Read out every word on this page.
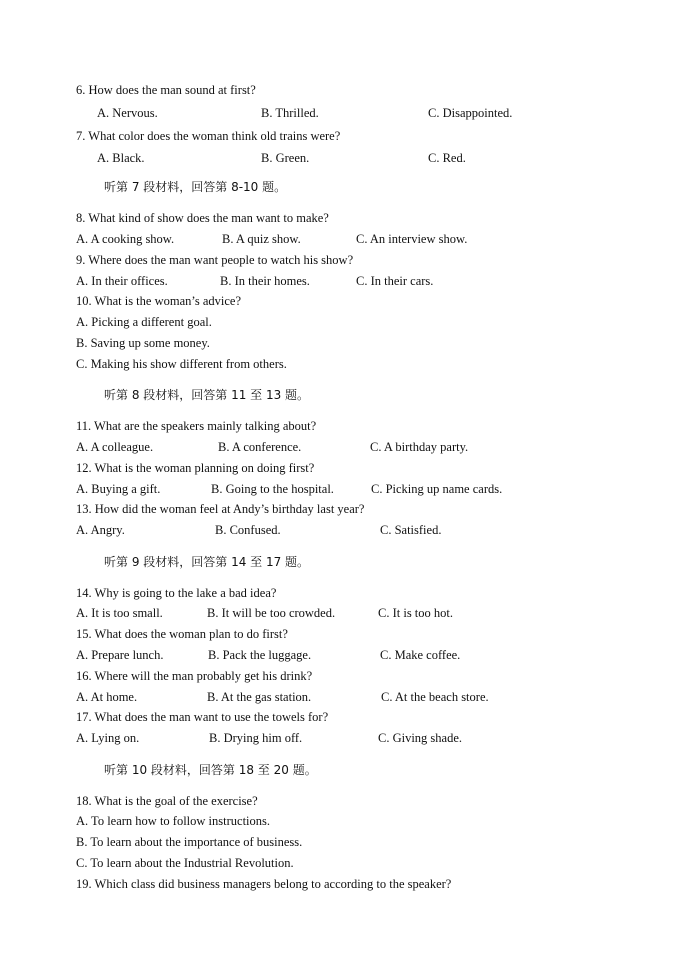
6. How does the man sound at first?
A. Nervous.	B. Thrilled.	C. Disappointed.
7. What color does the woman think old trains were?
A. Black.	B. Green.	C. Red.
听第 7 段材料，回答第 8-10 题。
8. What kind of show does the man want to make?
A. A cooking show.	B. A quiz show.	C. An interview show.
9. Where does the man want people to watch his show?
A. In their offices.	B. In their homes.	C. In their cars.
10. What is the woman’s advice?
A. Picking a different goal.
B. Saving up some money.
C. Making his show different from others.
听第 8 段材料，回答第 11 至 13 题。
11. What are the speakers mainly talking about?
A. A colleague.	B. A conference.	C. A birthday party.
12. What is the woman planning on doing first?
A. Buying a gift.	B. Going to the hospital.	C. Picking up name cards.
13. How did the woman feel at Andy’s birthday last year?
A. Angry.	B. Confused.	C. Satisfied.
听第 9 段材料，回答第 14 至 17 题。
14. Why is going to the lake a bad idea?
A. It is too small.	B. It will be too crowded.	C. It is too hot.
15. What does the woman plan to do first?
A. Prepare lunch.	B. Pack the luggage.	C. Make coffee.
16. Where will the man probably get his drink?
A. At home.	B. At the gas station.	C. At the beach store.
17. What does the man want to use the towels for?
A. Lying on.	B. Drying him off.	C. Giving shade.
听第 10 段材料，回答第 18 至 20 题。
18. What is the goal of the exercise?
A. To learn how to follow instructions.
B. To learn about the importance of business.
C. To learn about the Industrial Revolution.
19. Which class did business managers belong to according to the speaker?
